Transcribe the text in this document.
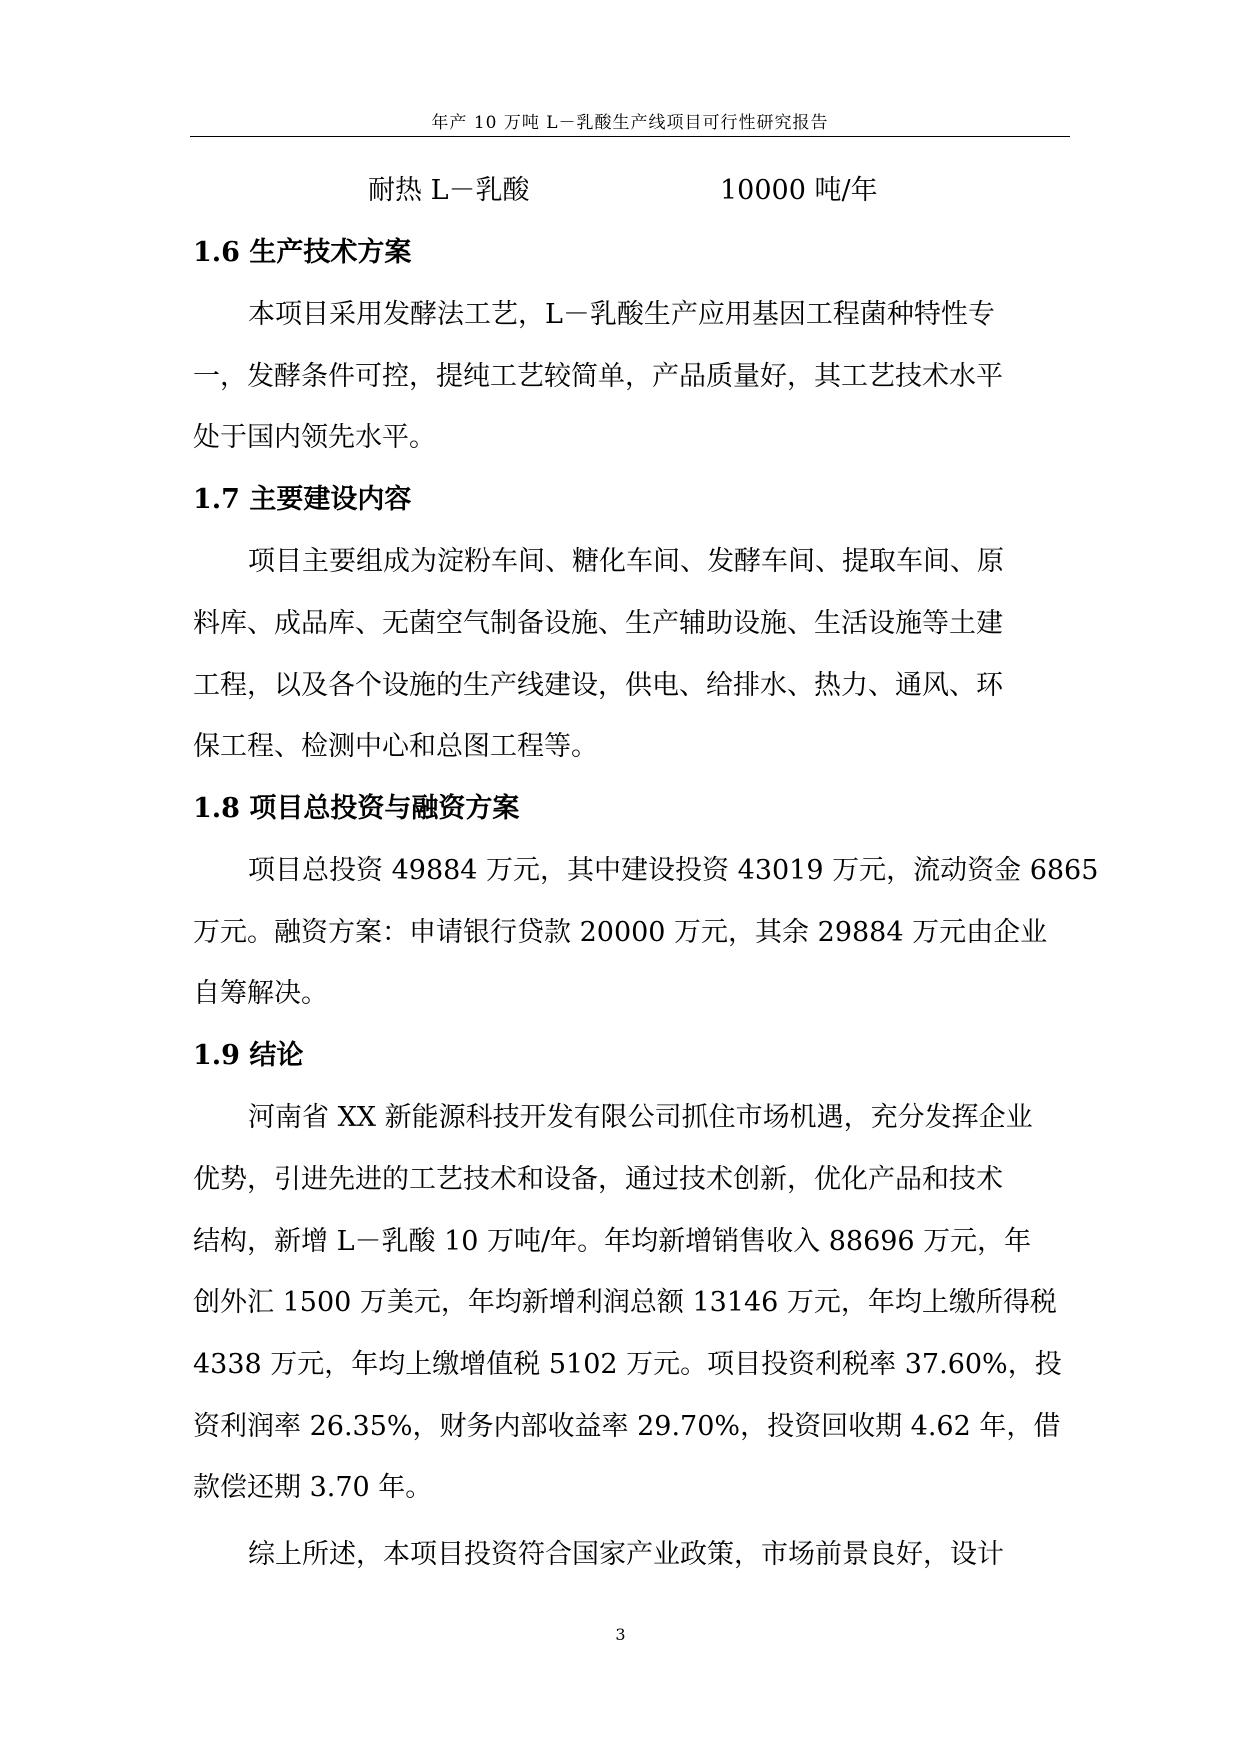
年产 10 万吨 L－乳酸生产线项目可行性研究报告
耐热 L－乳酸	10000 吨/年
1.6 生产技术方案
本项目采用发酵法工艺，L－乳酸生产应用基因工程菌种特性专
一，发酵条件可控，提纯工艺较简单，产品质量好，其工艺技术水平
处于国内领先水平。
1.7 主要建设内容
项目主要组成为淀粉车间、糖化车间、发酵车间、提取车间、原
料库、成品库、无菌空气制备设施、生产辅助设施、生活设施等土建
工程，以及各个设施的生产线建设，供电、给排水、热力、通风、环
保工程、检测中心和总图工程等。
1.8 项目总投资与融资方案
项目总投资 49884 万元，其中建设投资 43019 万元，流动资金 6865
万元。融资方案：申请银行贷款 20000 万元，其余 29884 万元由企业
自筹解决。
1.9 结论
河南省 XX 新能源科技开发有限公司抓住市场机遇，充分发挥企业
优势，引进先进的工艺技术和设备，通过技术创新，优化产品和技术
结构，新增 L－乳酸 10 万吨/年。年均新增销售收入 88696 万元，年
创外汇 1500 万美元，年均新增利润总额 13146 万元，年均上缴所得税
4338 万元，年均上缴增值税 5102 万元。项目投资利税率 37.60%，投
资利润率 26.35%，财务内部收益率 29.70%，投资回收期 4.62 年，借
款偿还期 3.70 年。
综上所述，本项目投资符合国家产业政策，市场前景良好，设计
3
